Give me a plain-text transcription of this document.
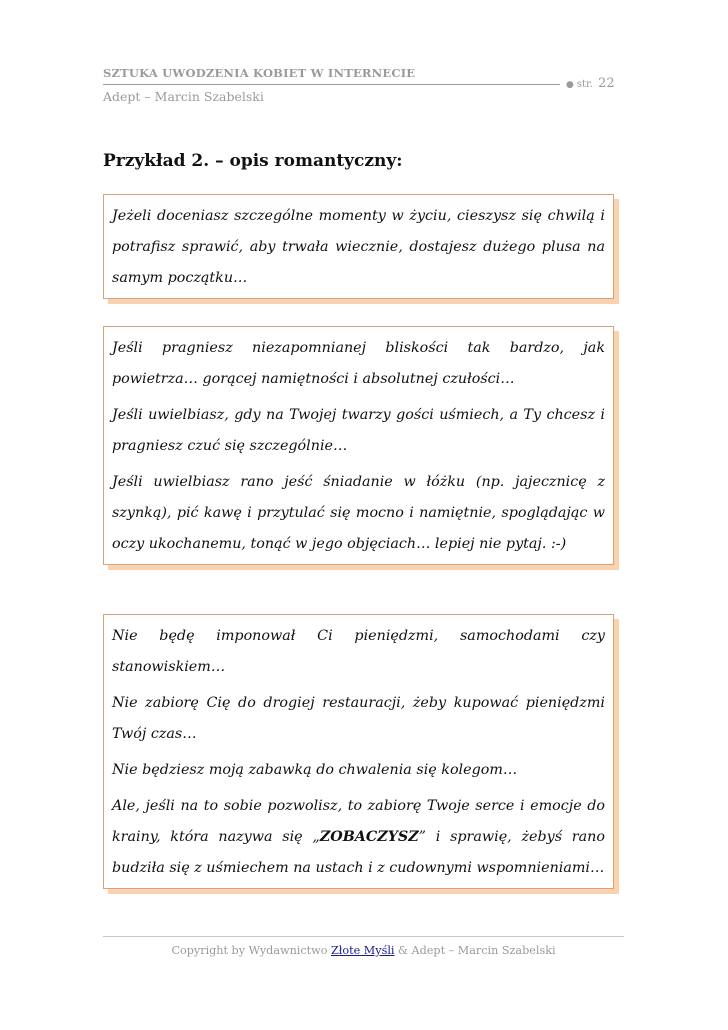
SZTUKA UWODZENIA KOBIET W INTERNECIE
Adept – Marcin Szabelski
● str. 22
Przykład 2. – opis romantyczny:

Jeżeli doceniasz szczególne momenty w życiu, cieszysz się chwilą i potrafisz sprawić, aby trwała wiecznie, dostajesz dużego plusa na samym początku…

Jeśli pragniesz niezapomnianej bliskości tak bardzo, jak powietrza… gorącej namiętności i absolutnej czułości…

Jeśli uwielbiasz, gdy na Twojej twarzy gości uśmiech, a Ty chcesz i pragniesz czuć się szczególnie…

Jeśli uwielbiasz rano jeść śniadanie w łóżku (np. jajecznicę z szynką), pić kawę i przytulać się mocno i namiętnie, spoglądając w oczy ukochanemu, tonąć w jego objęciach… lepiej nie pytaj. :-)

Nie będę imponował Ci pieniędzmi, samochodami czy stanowiskiem…

Nie zabiorę Cię do drogiej restauracji, żeby kupować pieniędzmi Twój czas…

Nie będziesz moją zabawką do chwalenia się kolegom…

Ale, jeśli na to sobie pozwolisz, to zabiorę Twoje serce i emocje do krainy, która nazywa się „ZOBACZYSZ” i sprawię, żebyś rano budziła się z uśmiechem na ustach i z cudownymi wspomnieniami…

Copyright by Wydawnictwo Złote Myśli & Adept – Marcin Szabelski
